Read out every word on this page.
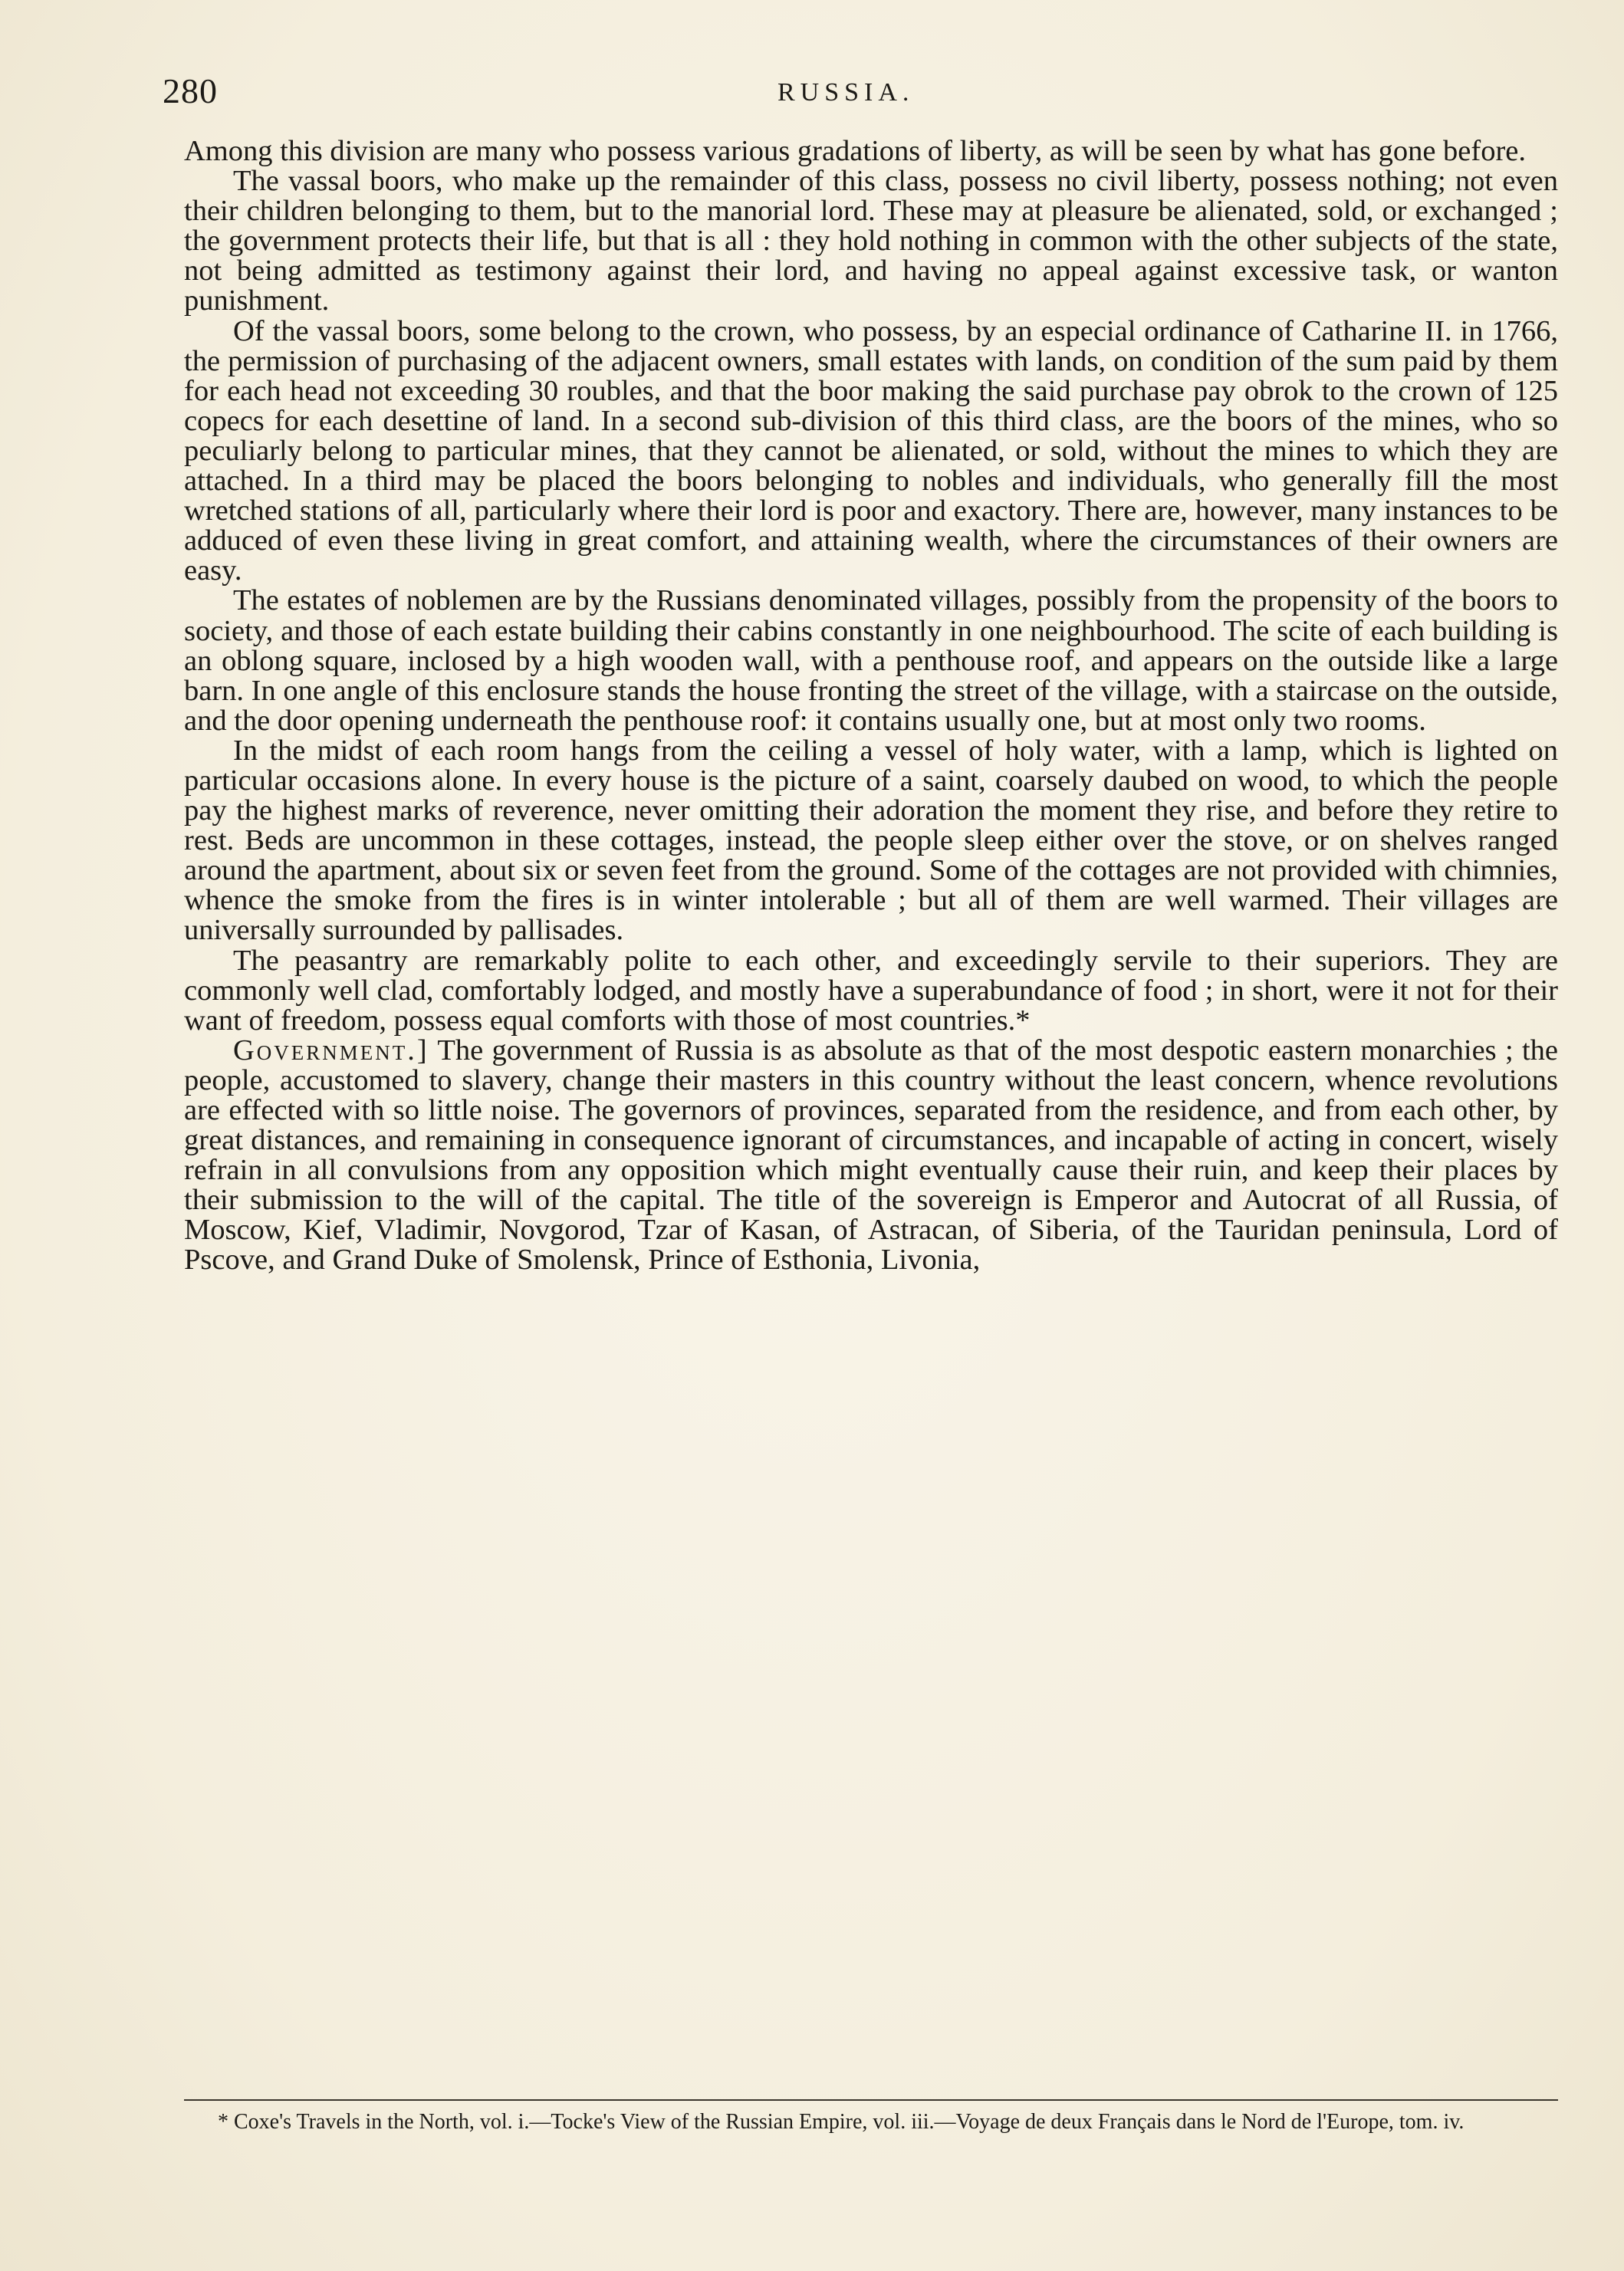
280	RUSSIA.

Among this division are many who possess various gradations of liberty, as will be seen by what has gone before.

The vassal boors, who make up the remainder of this class, possess no civil liberty, possess nothing; not even their children belonging to them, but to the manorial lord. These may at pleasure be alienated, sold, or exchanged ; the government protects their life, but that is all : they hold nothing in common with the other subjects of the state, not being admitted as testimony against their lord, and having no appeal against excessive task, or wanton punishment.

Of the vassal boors, some belong to the crown, who possess, by an especial ordinance of Catharine II. in 1766, the permission of purchasing of the adjacent owners, small estates with lands, on condition of the sum paid by them for each head not exceeding 30 roubles, and that the boor making the said purchase pay obrok to the crown of 125 copecs for each desettine of land. In a second sub-division of this third class, are the boors of the mines, who so peculiarly belong to particular mines, that they cannot be alienated, or sold, without the mines to which they are attached. In a third may be placed the boors belonging to nobles and individuals, who generally fill the most wretched stations of all, particularly where their lord is poor and exactory. There are, however, many instances to be adduced of even these living in great comfort, and attaining wealth, where the circumstances of their owners are easy.

The estates of noblemen are by the Russians denominated villages, possibly from the propensity of the boors to society, and those of each estate building their cabins constantly in one neighbourhood. The scite of each building is an oblong square, inclosed by a high wooden wall, with a penthouse roof, and appears on the outside like a large barn. In one angle of this enclosure stands the house fronting the street of the village, with a staircase on the outside, and the door opening underneath the penthouse roof: it contains usually one, but at most only two rooms.

In the midst of each room hangs from the ceiling a vessel of holy water, with a lamp, which is lighted on particular occasions alone. In every house is the picture of a saint, coarsely daubed on wood, to which the people pay the highest marks of reverence, never omitting their adoration the moment they rise, and before they retire to rest. Beds are uncommon in these cottages, instead, the people sleep either over the stove, or on shelves ranged around the apartment, about six or seven feet from the ground. Some of the cottages are not provided with chimnies, whence the smoke from the fires is in winter intolerable ; but all of them are well warmed. Their villages are universally surrounded by pallisades.

The peasantry are remarkably polite to each other, and exceedingly servile to their superiors. They are commonly well clad, comfortably lodged, and mostly have a superabundance of food ; in short, were it not for their want of freedom, possess equal comforts with those of most countries.*

Government.] The government of Russia is as absolute as that of the most despotic eastern monarchies ; the people, accustomed to slavery, change their masters in this country without the least concern, whence revolutions are effected with so little noise. The governors of provinces, separated from the residence, and from each other, by great distances, and remaining in consequence ignorant of circumstances, and incapable of acting in concert, wisely refrain in all convulsions from any opposition which might eventually cause their ruin, and keep their places by their submission to the will of the capital. The title of the sovereign is Emperor and Autocrat of all Russia, of Moscow, Kief, Vladimir, Novgorod, Tzar of Kasan, of Astracan, of Siberia, of the Tauridan peninsula, Lord of Pscove, and Grand Duke of Smolensk, Prince of Esthonia, Livonia,

* Coxe's Travels in the North, vol. i.—Tocke's View of the Russian Empire, vol. iii.—Voyage de deux Français dans le Nord de l'Europe, tom. iv.
